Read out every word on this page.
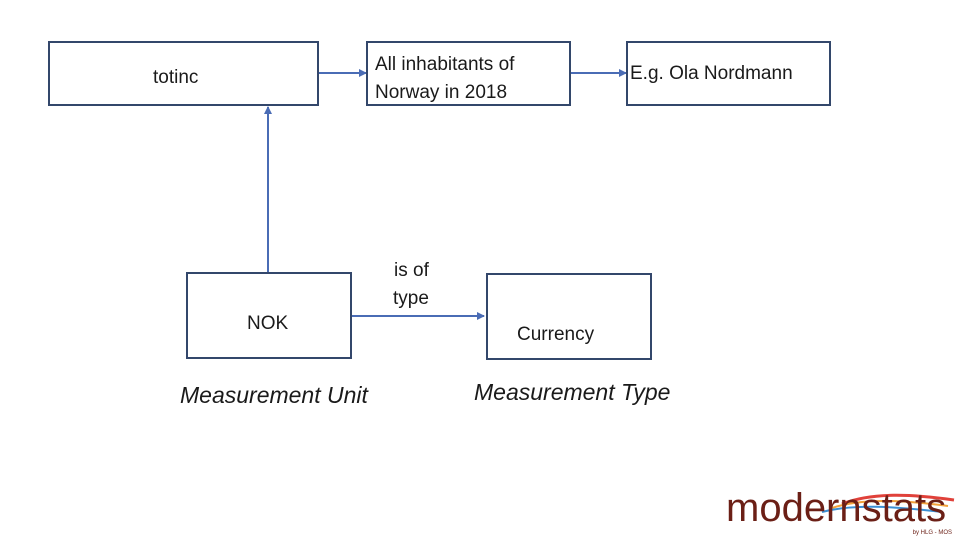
totinc
All inhabitants of
Norway in 2018
E.g. Ola Nordmann
NOK
Currency
is of
type
Measurement Unit	Measurement Type
modernstats
by HLG - MOS
